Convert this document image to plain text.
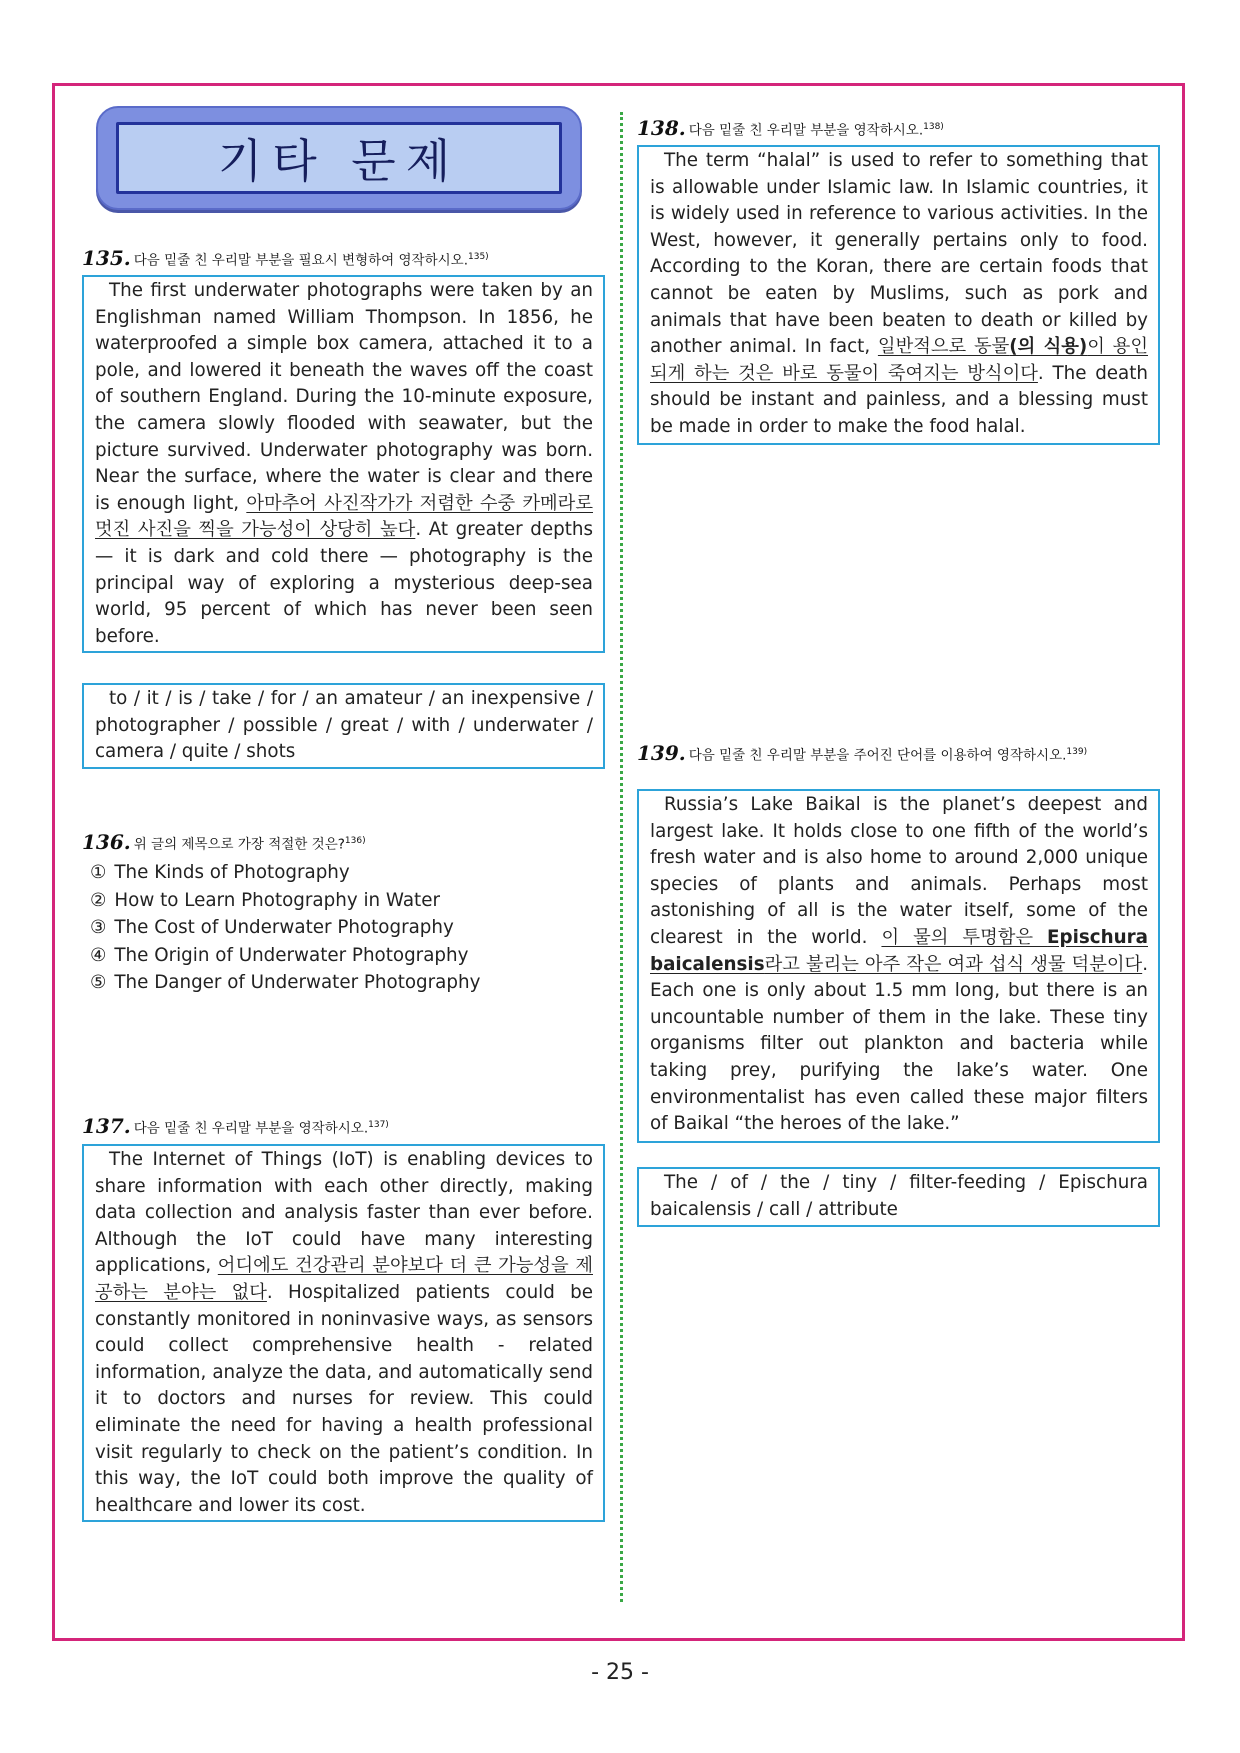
기타 문제
135. 다음 밑줄 친 우리말 부분을 필요시 변형하여 영작하시오.$^{135)}$

The first underwater photographs were taken by an Englishman named William Thompson. In 1856, he waterproofed a simple box camera, attached it to a pole, and lowered it beneath the waves off the coast of southern England. During the 10-minute exposure, the camera slowly flooded with seawater, but the picture survived. Underwater photography was born. Near the surface, where the water is clear and there is enough light, 아마추어 사진작가가 저렴한 수중 카메라로 멋진 사진을 찍을 가능성이 상당히 높다. At greater depths — it is dark and cold there — photography is the principal way of exploring a mysterious deep-sea world, 95 percent of which has never been seen before.

to / it / is / take / for / an amateur / an inexpensive / photographer / possible / great / with / underwater / camera / quite / shots

136. 위 글의 제목으로 가장 적절한 것은?$^{136)}$
① The Kinds of Photography
② How to Learn Photography in Water
③ The Cost of Underwater Photography
④ The Origin of Underwater Photography
⑤ The Danger of Underwater Photography
137. 다음 밑줄 친 우리말 부분을 영작하시오.$^{137)}$

The Internet of Things (IoT) is enabling devices to share information with each other directly, making data collection and analysis faster than ever before. Although the IoT could have many interesting applications, 어디에도 건강관리 분야보다 더 큰 가능성을 제공하는 분야는 없다. Hospitalized patients could be constantly monitored in noninvasive ways, as sensors could collect comprehensive health - related information, analyze the data, and automatically send it to doctors and nurses for review. This could eliminate the need for having a health professional visit regularly to check on the patient’s condition. In this way, the IoT could both improve the quality of healthcare and lower its cost.

138. 다음 밑줄 친 우리말 부분을 영작하시오.$^{138)}$

The term “halal” is used to refer to something that is allowable under Islamic law. In Islamic countries, it is widely used in reference to various activities. In the West, however, it generally pertains only to food. According to the Koran, there are certain foods that cannot be eaten by Muslims, such as pork and animals that have been beaten to death or killed by another animal. In fact, 일반적으로 동물(의 식용)이 용인되게 하는 것은 바로 동물이 죽여지는 방식이다. The death should be instant and painless, and a blessing must be made in order to make the food halal.

139. 다음 밑줄 친 우리말 부분을 주어진 단어를 이용하여 영작하시오.$^{139)}$

Russia’s Lake Baikal is the planet’s deepest and largest lake. It holds close to one fifth of the world’s fresh water and is also home to around 2,000 unique species of plants and animals. Perhaps most astonishing of all is the water itself, some of the clearest in the world. 이 물의 투명함은 Epischura baicalensis라고 불리는 아주 작은 여과 섭식 생물 덕분이다. Each one is only about 1.5 mm long, but there is an uncountable number of them in the lake. These tiny organisms filter out plankton and bacteria while taking prey, purifying the lake’s water. One environmentalist has even called these major filters of Baikal “the heroes of the lake.”

The / of / the / tiny / filter-feeding / Epischura baicalensis / call / attribute

- 25 -
